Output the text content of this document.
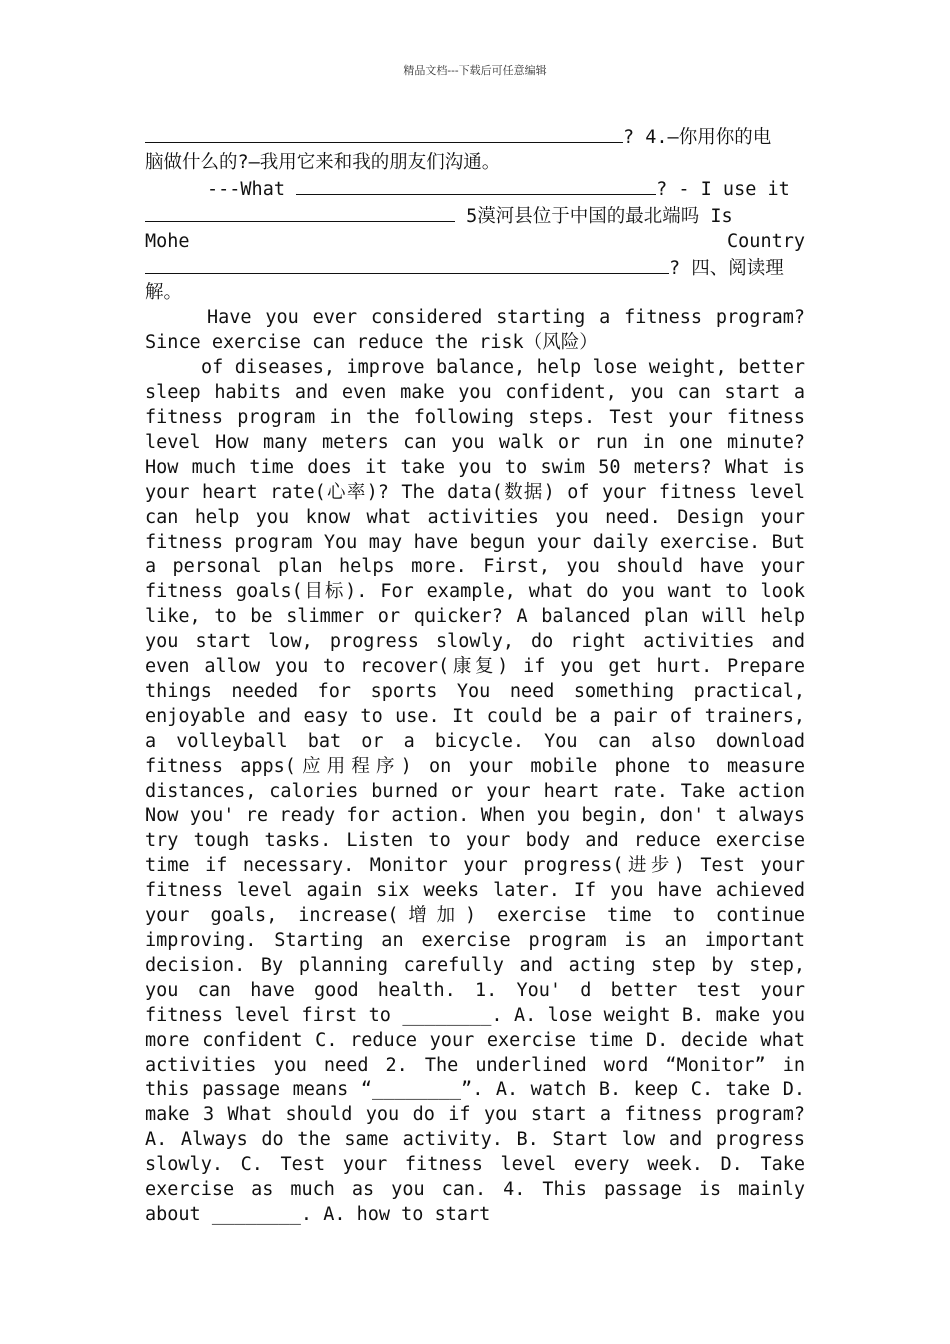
精品文档---下载后可任意编辑
? 4.—你用你的电
脑做什么的?—我用它来和我的朋友们沟通。
---What	? - I use it
5漠河县位于中国的最北端吗 Is
Mohe	Country
? 四、阅读理
解。

Have you ever considered starting a fitness program? Since exercise can reduce the risk（风险）

of diseases, improve balance, help lose weight, better sleep habits and even make you confident, you can start a fitness program in the following steps. Test your fitness level How many meters can you walk or run in one minute? How much time does it take you to swim 50 meters? What is your heart rate(心率)? The data(数据) of your fitness level can help you know what activities you need. Design your fitness program You may have begun your daily exercise. But a personal plan helps more. First, you should have your fitness goals(目标). For example, what do you want to look like, to be slimmer or quicker? A balanced plan will help you start low, progress slowly, do right activities and even allow you to recover(康复) if you get hurt. Prepare things needed for sports You need something practical, enjoyable and easy to use. It could be a pair of trainers, a volleyball bat or a bicycle. You can also download fitness apps(应用程序) on your mobile phone to measure distances, calories burned or your heart rate. Take action Now you' re ready for action. When you begin, don' t always try tough tasks. Listen to your body and reduce exercise time if necessary. Monitor your progress(进步) Test your fitness level again six weeks later. If you have achieved your goals, increase(增加) exercise time to continue improving. Starting an exercise program is an important decision. By planning carefully and acting step by step, you can have good health. 1. You' d better test your fitness level first to ________. A. lose weight B. make you more confident C. reduce your exercise time D. decide what activities you need 2. The underlined word “Monitor” in this passage means “________”. A. watch B. keep C. take D. make 3 What should you do if you start a fitness program? A. Always do the same activity. B. Start low and progress slowly. C. Test your fitness level every week. D. Take exercise as much as you can. 4. This passage is mainly about ________. A. how to start
